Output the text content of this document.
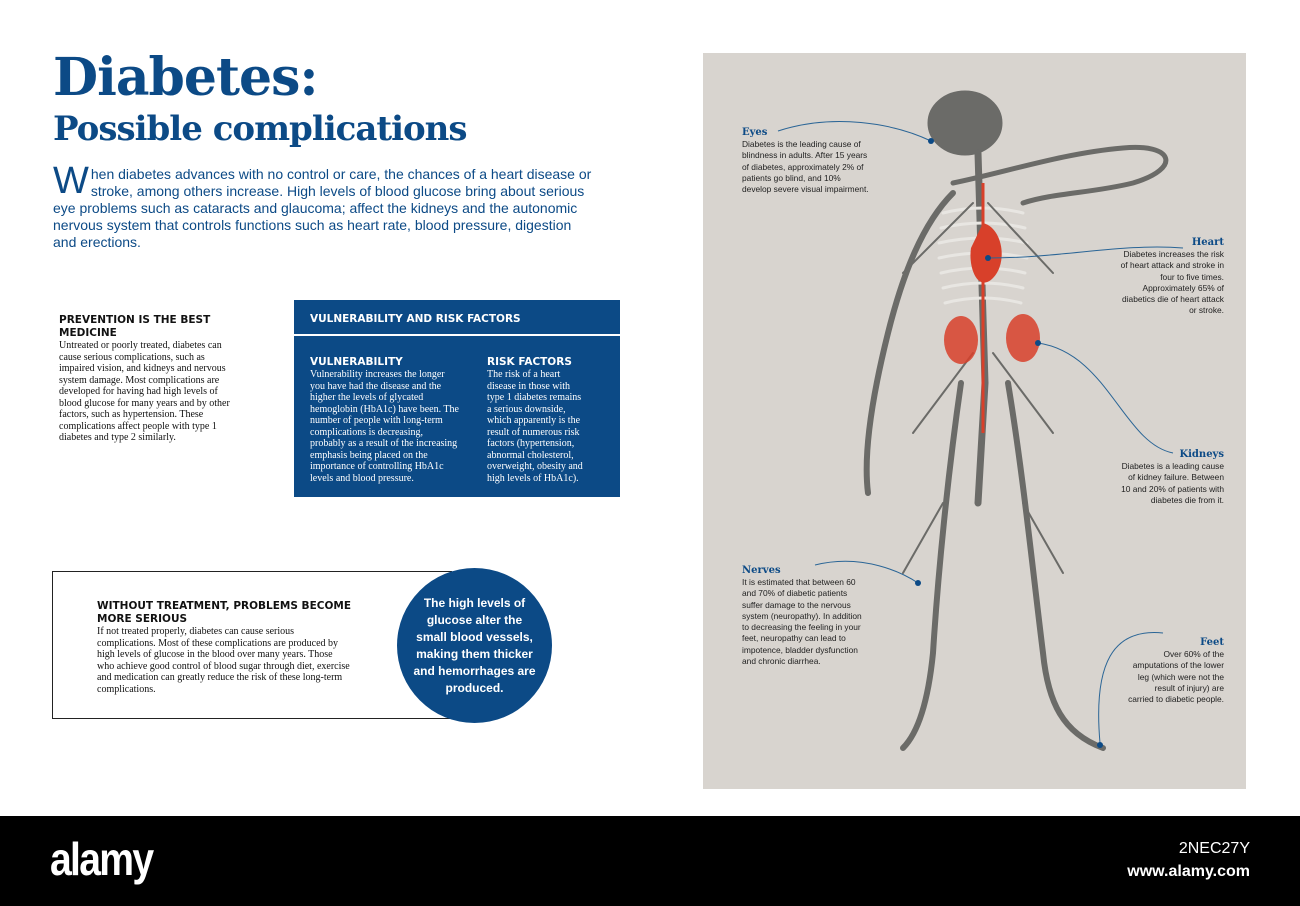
Diabetes:
Possible complications
When diabetes advances with no control or care, the chances of a heart disease or stroke, among others increase. High levels of blood glucose bring about serious eye problems such as cataracts and glaucoma; affect the kidneys and the autonomic nervous system that controls functions such as heart rate, blood pressure, digestion and erections.
PREVENTION IS THE BEST MEDICINE
Untreated or poorly treated, diabetes can cause serious complications, such as impaired vision, and kidneys and nervous system damage. Most complications are developed for having had high levels of blood glucose for many years and by other factors, such as hypertension. These complications affect people with type 1 diabetes and type 2 similarly.
VULNERABILITY AND RISK FACTORS
VULNERABILITY
Vulnerability increases the longer you have had the disease and the higher the levels of glycated hemoglobin (HbA1c) have been. The number of people with long-term complications is decreasing, probably as a result of the increasing emphasis being placed on the importance of controlling HbA1c levels and blood pressure.
RISK FACTORS
The risk of a heart disease in those with type 1 diabetes remains a serious downside, which apparently is the result of numerous risk factors (hypertension, abnormal cholesterol, overweight, obesity and high levels of HbA1c).
WITHOUT TREATMENT, PROBLEMS BECOME MORE SERIOUS
If not treated properly, diabetes can cause serious complications. Most of these complications are produced by high levels of glucose in the blood over many years. Those who achieve good control of blood sugar through diet, exercise and medication can greatly reduce the risk of these long-term complications.
The high levels of glucose alter the small blood vessels, making them thicker and hemorrhages are produced.
Eyes
Diabetes is the leading cause of blindness in adults. After 15 years of diabetes, approximately 2% of patients go blind, and 10% develop severe visual impairment.
Heart
Diabetes increases the risk of heart attack and stroke in four to five times. Approximately 65% of diabetics die of heart attack or stroke.
Kidneys
Diabetes is a leading cause of kidney failure. Between 10 and 20% of patients with diabetes die from it.
Nerves
It is estimated that between 60 and 70% of diabetic patients suffer damage to the nervous system (neuropathy). In addition to decreasing the feeling in your feet, neuropathy can lead to impotence, bladder dysfunction and chronic diarrhea.
Feet
Over 60% of the amputations of the lower leg (which were not the result of injury) are carried to diabetic people.
alamy	2NEC27Y
www.alamy.com
